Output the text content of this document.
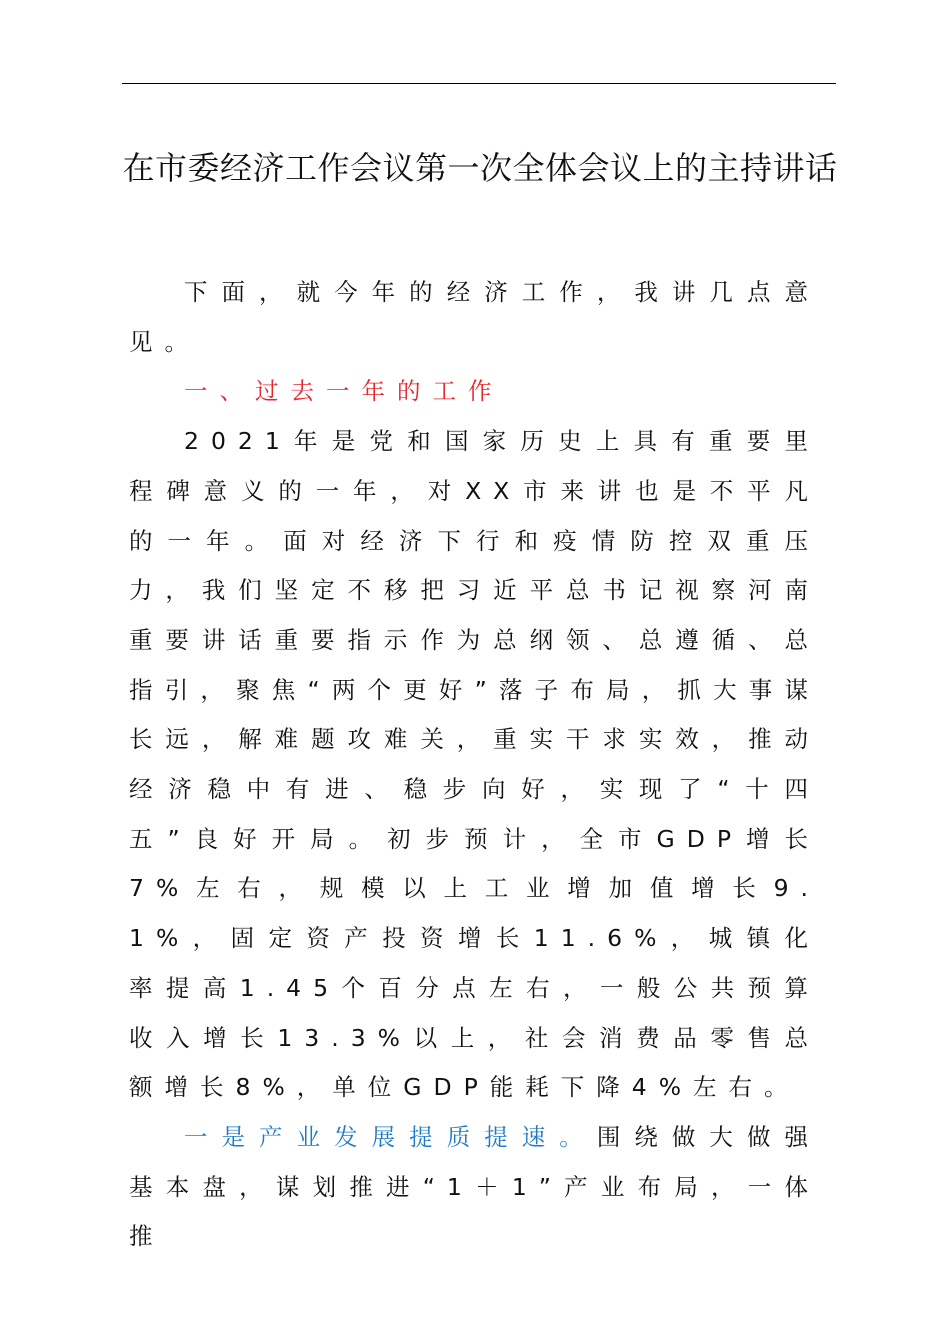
在市委经济工作会议第一次全体会议上的主持讲话

下面，就今年的经济工作，我讲几点意见。

一、过去一年的工作

2021年是党和国家历史上具有重要里程碑意义的一年，对XX市来讲也是不平凡的一年。面对经济下行和疫情防控双重压力，我们坚定不移把习近平总书记视察河南重要讲话重要指示作为总纲领、总遵循、总指引，聚焦“两个更好”落子布局，抓大事谋长远，解难题攻难关，重实干求实效，推动经济稳中有进、稳步向好，实现了“十四五”良好开局。初步预计，全市GDP增长7%左右，规模以上工业增加值增长9.1%，固定资产投资增长11.6%，城镇化率提高1.45个百分点左右，一般公共预算收入增长13.3%以上，社会消费品零售总额增长8%，单位GDP能耗下降4%左右。

一是产业发展提质提速。围绕做大做强基本盘，谋划推进“1＋1”产业布局，一体推
